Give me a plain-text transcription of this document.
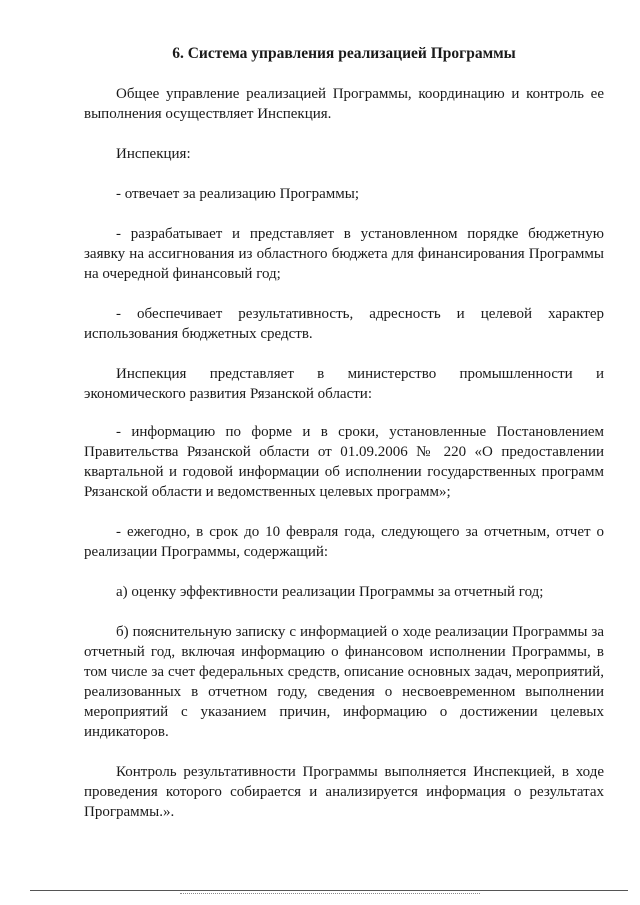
6. Система управления реализацией Программы

Общее управление реализацией Программы, координацию и контроль ее выполнения осуществляет Инспекция.

Инспекция:

- отвечает за реализацию Программы;

- разрабатывает и представляет в установленном порядке бюджетную заявку на ассигнования из областного бюджета для финансирования Программы на очередной финансовый год;

- обеспечивает результативность, адресность и целевой характер использования бюджетных средств.

Инспекция представляет в министерство промышленности и

экономического развития Рязанской области:

- информацию по форме и в сроки, установленные Постановлением Правительства Рязанской области от 01.09.2006 № 220 «О предоставлении квартальной и годовой информации об исполнении государственных программ Рязанской области и ведомственных целевых программ»;

- ежегодно, в срок до 10 февраля года, следующего за отчетным, отчет о реализации Программы, содержащий:

а) оценку эффективности реализации Программы за отчетный год;

б) пояснительную записку с информацией о ходе реализации Программы за отчетный год, включая информацию о финансовом исполнении Программы, в том числе за счет федеральных средств, описание основных задач, мероприятий, реализованных в отчетном году, сведения о несвоевременном выполнении мероприятий с указанием причин, информацию о достижении целевых индикаторов.

Контроль результативности Программы выполняется Инспекцией, в ходе проведения которого собирается и анализируется информация о результатах Программы.».
